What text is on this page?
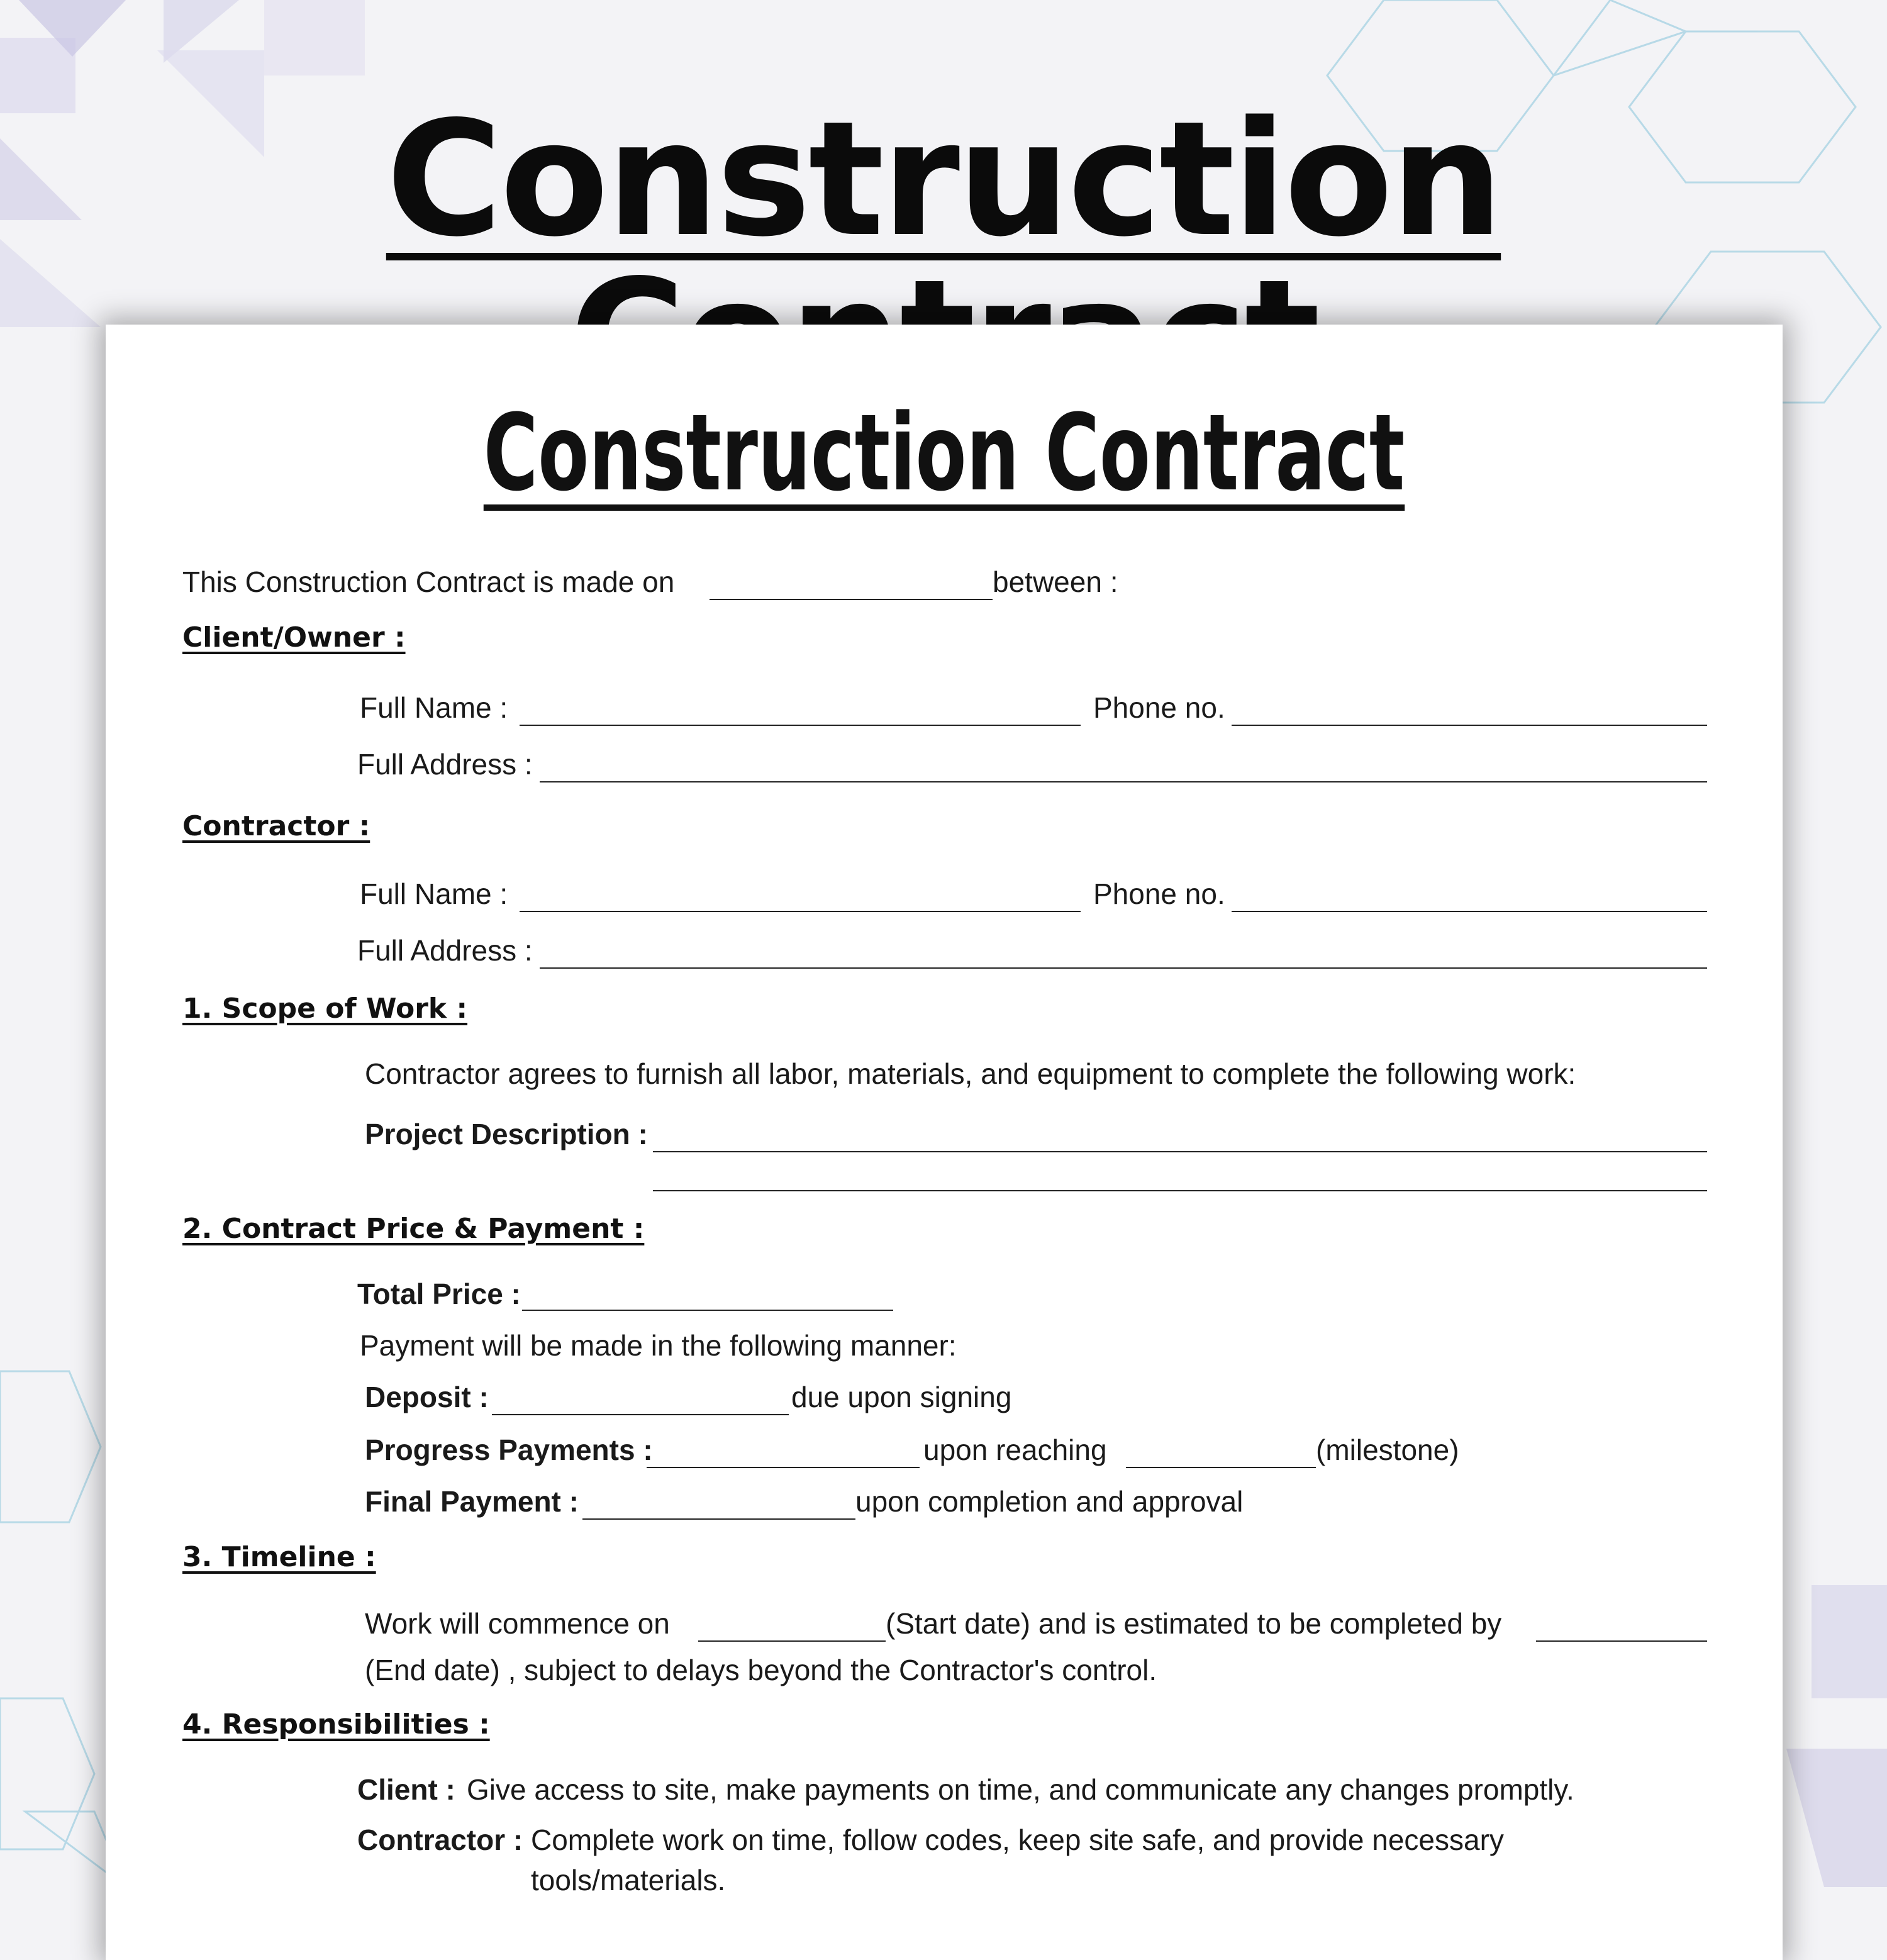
Construction
Construction Contract
This Construction Contract is made on	between :
Client/Owner :
Full Name :	Phone no.
Full Address :
Contractor :
Full Name :	Phone no.
Full Address :
1. Scope of Work :
Contractor agrees to furnish all labor, materials, and equipment to complete the following work:
Project Description :
2. Contract Price & Payment :
Total Price :
Payment will be made in the following manner:
Deposit :	due upon signing
Progress Payments :	upon reaching	(milestone)
Final Payment :	upon completion and approval
3. Timeline :
Work will commence on	(Start date) and is estimated to be completed by
(End date) , subject to delays beyond the Contractor's control.
4. Responsibilities :
Client : Give access to site, make payments on time, and communicate any changes promptly.
Contractor : Complete work on time, follow codes, keep site safe, and provide necessary
tools/materials.
